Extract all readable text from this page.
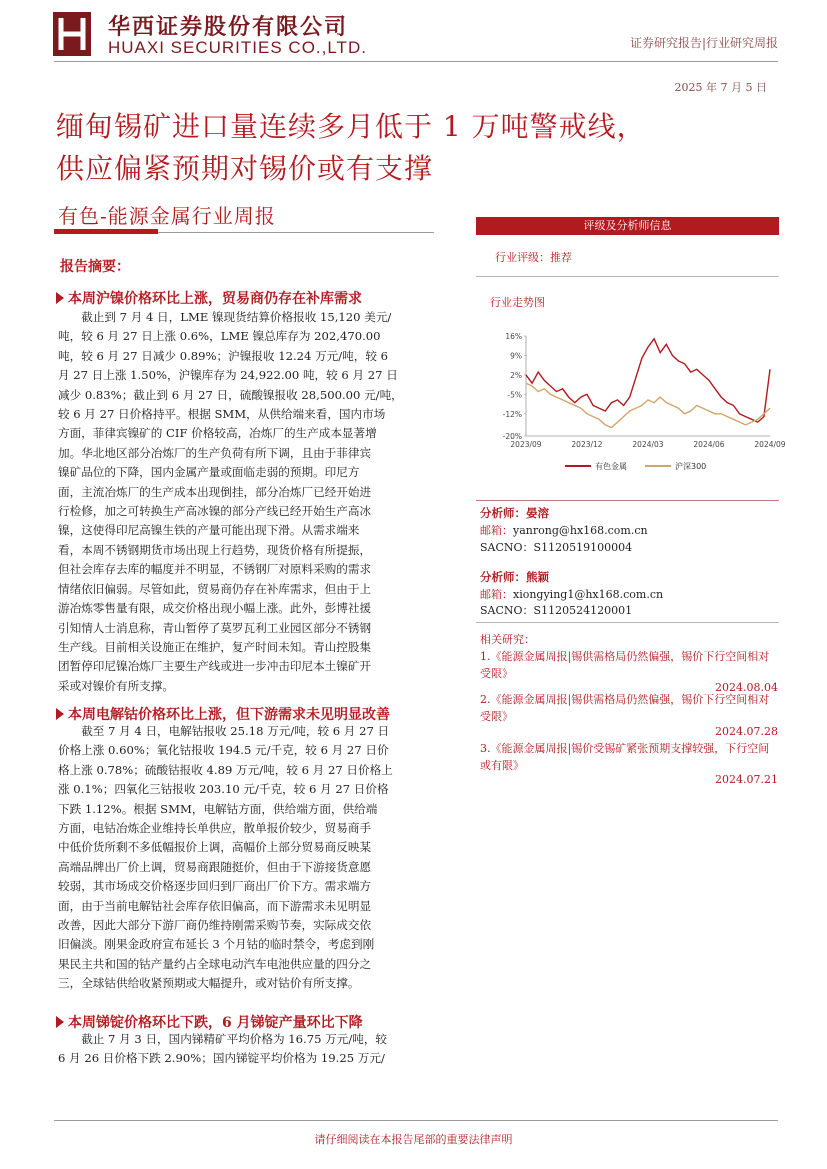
华西证券股份有限公司
HUAXI SECURITIES CO.,LTD.	证券研究报告|行业研究周报
2025 年 7 月 5 日
缅甸锡矿进口量连续多月低于 1 万吨警戒线，
供应偏紧预期对锡价或有支撑
有色-能源金属行业周报
报告摘要：
本周沪镍价格环比上涨，贸易商仍存在补库需求
截止到 7 月 4 日，LME 镍现货结算价格报收 15,120 美元/
吨，较 6 月 27 日上涨 0.6%，LME 镍总库存为 202,470.00
吨，较 6 月 27 日减少 0.89%；沪镍报收 12.24 万元/吨，较 6
月 27 日上涨 1.50%，沪镍库存为 24,922.00 吨，较 6 月 27 日
减少 0.83%；截止到 6 月 27 日，硫酸镍报收 28,500.00 元/吨，
较 6 月 27 日价格持平。根据 SMM，从供给端来看，国内市场
方面，菲律宾镍矿的 CIF 价格较高，冶炼厂的生产成本显著增
加。华北地区部分冶炼厂的生产负荷有所下调，且由于菲律宾
镍矿品位的下降，国内金属产量或面临走弱的预期。印尼方
面，主流冶炼厂的生产成本出现倒挂，部分冶炼厂已经开始进
行检修，加之可转换生产高冰镍的部分产线已经开始生产高冰
镍，这使得印尼高镍生铁的产量可能出现下滑。从需求端来
看，本周不锈钢期货市场出现上行趋势，现货价格有所提振，
但社会库存去库的幅度并不明显，不锈钢厂对原料采购的需求
情绪依旧偏弱。尽管如此，贸易商仍存在补库需求，但由于上
游冶炼零售量有限，成交价格出现小幅上涨。此外，彭博社援
引知情人士消息称，青山暂停了莫罗瓦利工业园区部分不锈钢
生产线。目前相关设施正在维护，复产时间未知。青山控股集
团暂停印尼镍冶炼厂主要生产线或进一步冲击印尼本土镍矿开
采或对镍价有所支撑。
本周电解钴价格环比上涨，但下游需求未见明显改善
截至 7 月 4 日，电解钴报收 25.18 万元/吨，较 6 月 27 日
价格上涨 0.60%；氧化钴报收 194.5 元/千克，较 6 月 27 日价
格上涨 0.78%；硫酸钴报收 4.89 万元/吨，较 6 月 27 日价格上
涨 0.1%；四氧化三钴报收 203.10 元/千克，较 6 月 27 日价格
下跌 1.12%。根据 SMM，电解钴方面，供给端方面，供给端
方面，电钴冶炼企业维持长单供应，散单报价较少，贸易商手
中低价货所剩不多低幅报价上调，高幅价上部分贸易商反映某
高端品牌出厂价上调，贸易商跟随挺价，但由于下游接货意愿
较弱，其市场成交价格逐步回归到厂商出厂价下方。需求端方
面，由于当前电解钴社会库存依旧偏高，而下游需求未见明显
改善，因此大部分下游厂商仍维持刚需采购节奏，实际成交依
旧偏淡。刚果金政府宣布延长 3 个月钴的临时禁令，考虑到刚
果民主共和国的钴产量约占全球电动汽车电池供应量的四分之
三，全球钴供给收紧预期或大幅提升，或对钴价有所支撑。
本周锑锭价格环比下跌，6 月锑锭产量环比下降
截止 7 月 3 日，国内锑精矿平均价格为 16.75 万元/吨，较
6 月 26 日价格下跌 2.90%；国内锑锭平均价格为 19.25 万元/
评级及分析师信息
行业评级：推荐
行业走势图
16%
9%
2%
-5%
-12%
-20%
2023/09	2023/12	2024/03	2024/06	2024/09
有色金属	沪深300
分析师：晏溶
邮箱：yanrong@hx168.com.cn
SACNO：S1120519100004
分析师：熊颖
邮箱：xiongying1@hx168.com.cn
SACNO：S1120524120001
相关研究：
1.《能源金属周报|锡供需格局仍然偏强，锡价下行空间相对受限》
2024.08.04
2.《能源金属周报|锡供需格局仍然偏强，锡价下行空间相对受限》
2024.07.28
3.《能源金属周报|锡价受锡矿紧张预期支撑较强，下行空间或有限》
2024.07.21
请仔细阅读在本报告尾部的重要法律声明
